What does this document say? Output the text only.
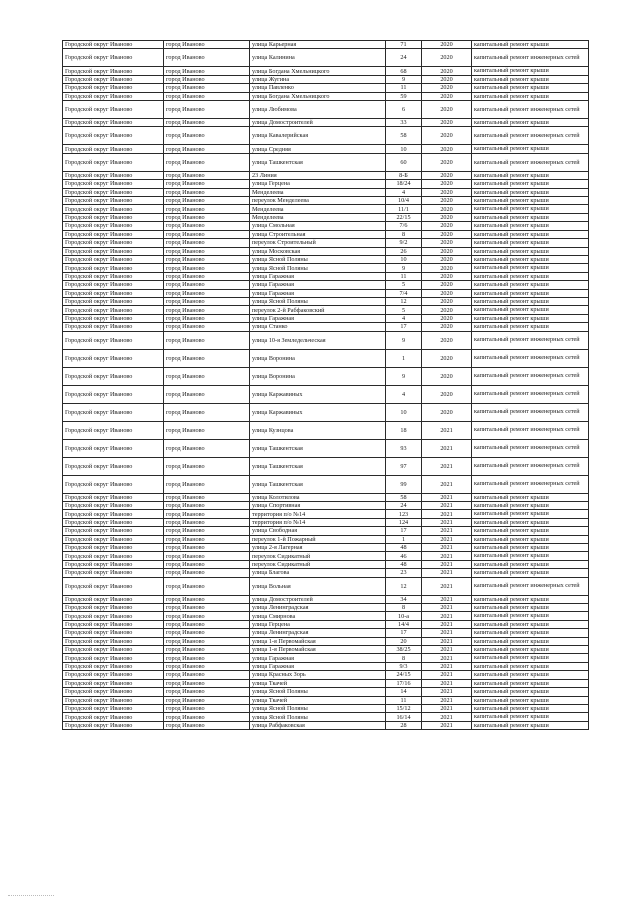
Городской округ Иваново	город Иваново	улица Карьерная	71	2020	капитальный ремонт крыши
Городской округ Иваново	город Иваново	улица Калинина	24	2020	капитальный ремонт инженерных сетей
Городской округ Иваново	город Иваново	улица Богдана Хмельницкого	68	2020	капитальный ремонт крыши
Городской округ Иваново	город Иваново	улица Жугина	9	2020	капитальный ремонт крыши
Городской округ Иваново	город Иваново	улица Павленко	11	2020	капитальный ремонт крыши
Городской округ Иваново	город Иваново	улица Богдана Хмельницкого	59	2020	капитальный ремонт крыши
Городской округ Иваново	город Иваново	улица Любимова	6	2020	капитальный ремонт инженерных сетей
Городской округ Иваново	город Иваново	улица Домостроителей	33	2020	капитальный ремонт крыши
Городской округ Иваново	город Иваново	улица Кавалерийская	58	2020	капитальный ремонт инженерных сетей
Городской округ Иваново	город Иваново	улица Средняя	10	2020	капитальный ремонт крыши
Городской округ Иваново	город Иваново	улица Ташкентская	60	2020	капитальный ремонт инженерных сетей
Городской округ Иваново	город Иваново	23 Линия	8-Б	2020	капитальный ремонт крыши
Городской округ Иваново	город Иваново	улица Герцена	18/24	2020	капитальный ремонт крыши
Городской округ Иваново	город Иваново	Менделеева	4	2020	капитальный ремонт крыши
Городской округ Иваново	город Иваново	переулок Менделеева	10/4	2020	капитальный ремонт крыши
Городской округ Иваново	город Иваново	Менделеева	11/1	2020	капитальный ремонт крыши
Городской округ Иваново	город Иваново	Менделеева	22/15	2020	капитальный ремонт крыши
Городской округ Иваново	город Иваново	улица Смольная	7/6	2020	капитальный ремонт крыши
Городской округ Иваново	город Иваново	улица Строительная	8	2020	капитальный ремонт крыши
Городской округ Иваново	город Иваново	переулок Строительный	9/2	2020	капитальный ремонт крыши
Городской округ Иваново	город Иваново	улица Московская	26	2020	капитальный ремонт крыши
Городской округ Иваново	город Иваново	улица Ясной Поляны	10	2020	капитальный ремонт крыши
Городской округ Иваново	город Иваново	улица Ясной Поляны	9	2020	капитальный ремонт крыши
Городской округ Иваново	город Иваново	улица Гаражная	11	2020	капитальный ремонт крыши
Городской округ Иваново	город Иваново	улица Гаражная	5	2020	капитальный ремонт крыши
Городской округ Иваново	город Иваново	улица Гаражная	7/4	2020	капитальный ремонт крыши
Городской округ Иваново	город Иваново	улица Ясной Поляны	12	2020	капитальный ремонт крыши
Городской округ Иваново	город Иваново	переулок 2-й Рабфаковский	5	2020	капитальный ремонт крыши
Городской округ Иваново	город Иваново	улица Гаражная	4	2020	капитальный ремонт крыши
Городской округ Иваново	город Иваново	улица Станко	17	2020	капитальный ремонт крыши
Городской округ Иваново	город Иваново	улица 10-я Земледельческая	9	2020	капитальный ремонт инженерных сетей
Городской округ Иваново	город Иваново	улица Воронина	1	2020	капитальный ремонт инженерных сетей
Городской округ Иваново	город Иваново	улица Воронина	9	2020	капитальный ремонт инженерных сетей
Городской округ Иваново	город Иваново	улица Каржавиных	4	2020	капитальный ремонт инженерных сетей
Городской округ Иваново	город Иваново	улица Каржавиных	10	2020	капитальный ремонт инженерных сетей
Городской округ Иваново	город Иваново	улица Кузнцова	18	2021	капитальный ремонт инженерных сетей
Городской округ Иваново	город Иваново	улица Ташкентская	93	2021	капитальный ремонт инженерных сетей
Городской округ Иваново	город Иваново	улица Ташкентская	97	2021	капитальный ремонт инженерных сетей
Городской округ Иваново	город Иваново	улица Ташкентская	99	2021	капитальный ремонт инженерных сетей
Городской округ Иваново	город Иваново	улица Колотилова	58	2021	капитальный ремонт крыши
Городской округ Иваново	город Иваново	улица Спортивная	24	2021	капитальный ремонт крыши
Городской округ Иваново	город Иваново	территория п/о №14	123	2021	капитальный ремонт крыши
Городской округ Иваново	город Иваново	территория п/о №14	124	2021	капитальный ремонт крыши
Городской округ Иваново	город Иваново	улица Свободная	17	2021	капитальный ремонт крыши
Городской округ Иваново	город Иваново	переулок 1-й Пожарный	1	2021	капитальный ремонт крыши
Городской округ Иваново	город Иваново	улица 2-я Лагерная	48	2021	капитальный ремонт крыши
Городской округ Иваново	город Иваново	переулок Сидикатный	46	2021	капитальный ремонт крыши
Городской округ Иваново	город Иваново	переулок Сидикатный	48	2021	капитальный ремонт крыши
Городской округ Иваново	город Иваново	улица Благова	23	2021	капитальный ремонт крыши
Городской округ Иваново	город Иваново	улица Вольная	12	2021	капитальный ремонт инженерных сетей
Городской округ Иваново	город Иваново	улица Домостроителей	34	2021	капитальный ремонт крыши
Городской округ Иваново	город Иваново	улица Ленинградская	8	2021	капитальный ремонт крыши
Городской округ Иваново	город Иваново	улица Смирнова	10-а	2021	капитальный ремонт крыши
Городской округ Иваново	город Иваново	улица Герцена	14/4	2021	капитальный ремонт крыши
Городской округ Иваново	город Иваново	улица Ленинградская	17	2021	капитальный ремонт крыши
Городской округ Иваново	город Иваново	улица 1-я Первомайская	20	2021	капитальный ремонт крыши
Городской округ Иваново	город Иваново	улица 1-я Первомайская	38/25	2021	капитальный ремонт крыши
Городской округ Иваново	город Иваново	улица Гаражная	8	2021	капитальный ремонт крыши
Городской округ Иваново	город Иваново	улица Гаражная	9/3	2021	капитальный ремонт крыши
Городской округ Иваново	город Иваново	улица Красных Зорь	24/15	2021	капитальный ремонт крыши
Городской округ Иваново	город Иваново	улица Ткачей	17/16	2021	капитальный ремонт крыши
Городской округ Иваново	город Иваново	улица Ясной Поляны	14	2021	капитальный ремонт крыши
Городской округ Иваново	город Иваново	улица Ткачей	11	2021	капитальный ремонт крыши
Городской округ Иваново	город Иваново	улица Ясной Поляны	15/12	2021	капитальный ремонт крыши
Городской округ Иваново	город Иваново	улица Ясной Поляны	16/14	2021	капитальный ремонт крыши
Городской округ Иваново	город Иваново	улица Рабфаковская	28	2021	капитальный ремонт крыши
